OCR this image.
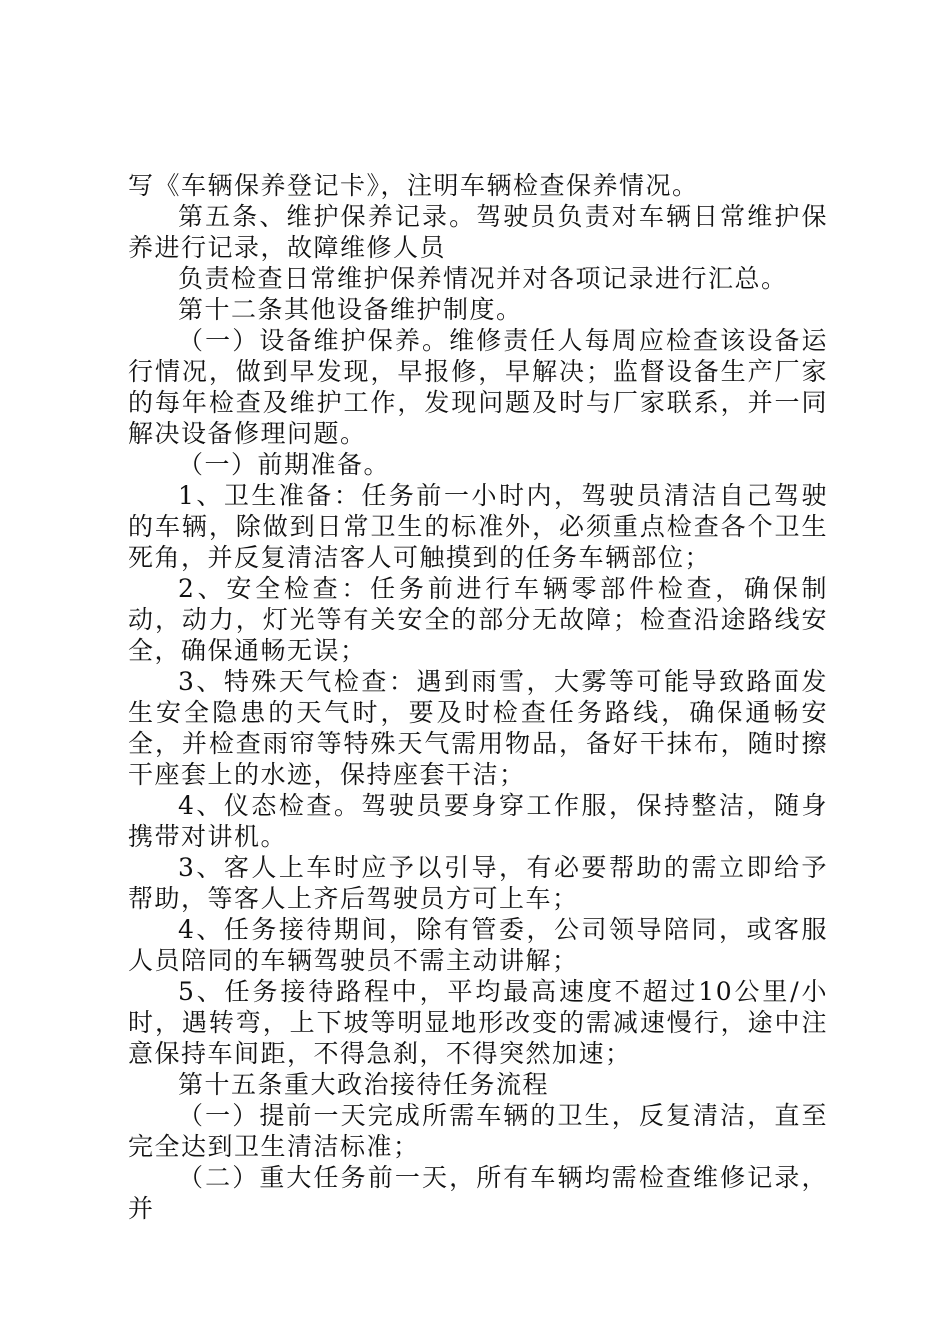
写《车辆保养登记卡》，注明车辆检查保养情况。

第五条、维护保养记录。驾驶员负责对车辆日常维护保养进行记录，故障维修人员

负责检查日常维护保养情况并对各项记录进行汇总。

第十二条其他设备维护制度。

（一）设备维护保养。维修责任人每周应检查该设备运行情况，做到早发现，早报修，早解决；监督设备生产厂家的每年检查及维护工作，发现问题及时与厂家联系，并一同解决设备修理问题。

（一）前期准备。

1、卫生准备：任务前一小时内，驾驶员清洁自己驾驶的车辆，除做到日常卫生的标准外，必须重点检查各个卫生死角，并反复清洁客人可触摸到的任务车辆部位；

2、安全检查：任务前进行车辆零部件检查，确保制动，动力，灯光等有关安全的部分无故障；检查沿途路线安全，确保通畅无误；

3、特殊天气检查：遇到雨雪，大雾等可能导致路面发生安全隐患的天气时，要及时检查任务路线，确保通畅安全，并检查雨帘等特殊天气需用物品，备好干抹布，随时擦干座套上的水迹，保持座套干洁；

4、仪态检查。驾驶员要身穿工作服，保持整洁，随身携带对讲机。

3、客人上车时应予以引导，有必要帮助的需立即给予帮助，等客人上齐后驾驶员方可上车；

4、任务接待期间，除有管委，公司领导陪同，或客服人员陪同的车辆驾驶员不需主动讲解；

5、任务接待路程中，平均最高速度不超过10公里/小时，遇转弯，上下坡等明显地形改变的需减速慢行，途中注意保持车间距，不得急刹，不得突然加速；

第十五条重大政治接待任务流程

（一）提前一天完成所需车辆的卫生，反复清洁，直至完全达到卫生清洁标准；

（二）重大任务前一天，所有车辆均需检查维修记录，并
